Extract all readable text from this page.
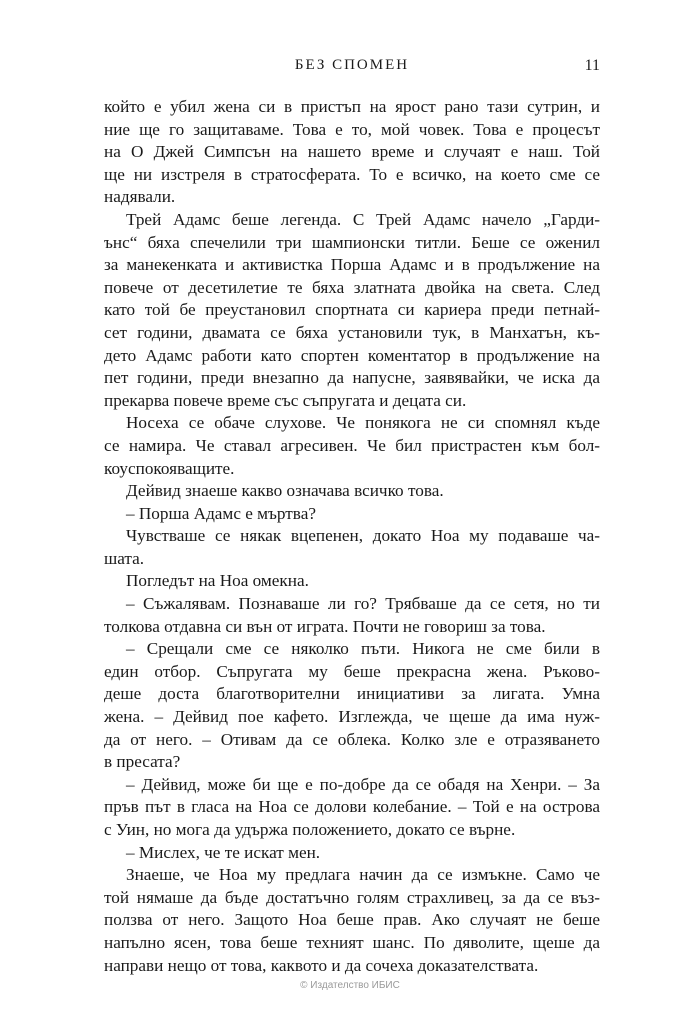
БЕЗ СПОМЕН	11
който е убил жена си в пристъп на ярост рано тази сутрин, и
ние ще го защитаваме. Това е то, мой човек. Това е процесът
на О Джей Симпсън на нашето време и случаят е наш. Той
ще ни изстреля в стратосферата. То е всичко, на което сме се
надявали.
Трей Адамс беше легенда. С Трей Адамс начело „Гарди-
ънс“ бяха спечелили три шампионски титли. Беше се оженил
за манекенката и активистка Порша Адамс и в продължение на
повече от десетилетие те бяха златната двойка на света. След
като той бе преустановил спортната си кариера преди петнай-
сет години, двамата се бяха установили тук, в Манхатън, къ-
дето Адамс работи като спортен коментатор в продължение на
пет години, преди внезапно да напусне, заявявайки, че иска да
прекарва повече време със съпругата и децата си.
Носеха се обаче слухове. Че понякога не си спомнял къде
се намира. Че ставал агресивен. Че бил пристрастен към бол-
коуспокояващите.
Дейвид знаеше какво означава всичко това.
– Порша Адамс е мъртва?
Чувстваше се някак вцепенен, докато Ноа му подаваше ча-
шата.
Погледът на Ноа омекна.
– Съжалявам. Познаваше ли го? Трябваше да се сетя, но ти
толкова отдавна си вън от играта. Почти не говориш за това.
– Срещали сме се няколко пъти. Никога не сме били в
един отбор. Съпругата му беше прекрасна жена. Ръково-
деше доста благотворителни инициативи за лигата. Умна
жена. – Дейвид пое кафето. Изглежда, че щеше да има нуж-
да от него. – Отивам да се облека. Колко зле е отразяването
в пресата?
– Дейвид, може би ще е по-добре да се обадя на Хенри. – За
пръв път в гласа на Ноа се долови колебание. – Той е на острова
с Уин, но мога да удържа положението, докато се върне.
– Мислех, че те искат мен.
Знаеше, че Ноа му предлага начин да се измъкне. Само че
той нямаше да бъде достатъчно голям страхливец, за да се въз-
ползва от него. Защото Ноа беше прав. Ако случаят не беше
напълно ясен, това беше техният шанс. По дяволите, щеше да
направи нещо от това, каквото и да сочеха доказателствата.
© Издателство ИБИС
